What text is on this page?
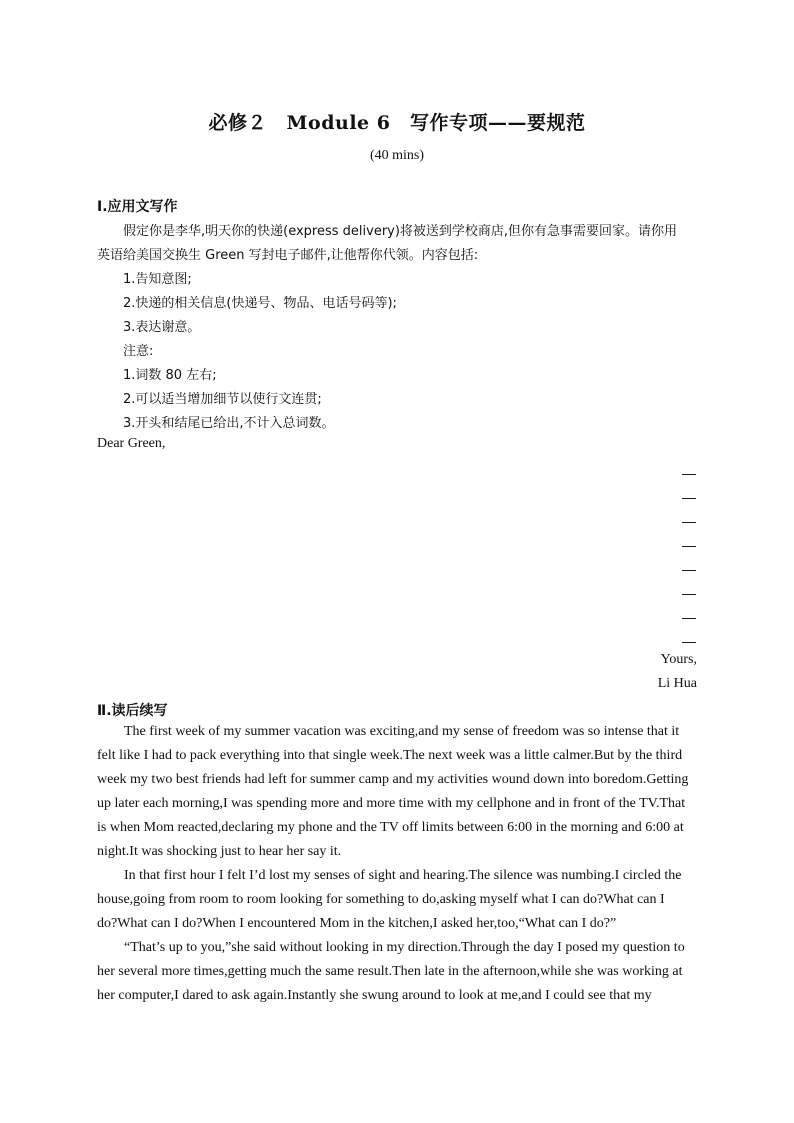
必修２　Module 6　写作专项——要规范
(40 mins)
Ⅰ.应用文写作
假定你是李华,明天你的快递(express delivery)将被送到学校商店,但你有急事需要回家。请你用
英语给美国交换生 Green 写封电子邮件,让他帮你代领。内容包括:
1.告知意图;
2.快递的相关信息(快递号、物品、电话号码等);
3.表达谢意。
注意:
1.词数 80 左右;
2.可以适当增加细节以使行文连贯;
3.开头和结尾已给出,不计入总词数。
Dear Green,
Yours,
Li Hua
Ⅱ.读后续写
The first week of my summer vacation was exciting,and my sense of freedom was so intense that it
felt like I had to pack everything into that single week.The next week was a little calmer.But by the third
week my two best friends had left for summer camp and my activities wound down into boredom.Getting
up later each morning,I was spending more and more time with my cellphone and in front of the TV.That
is when Mom reacted,declaring my phone and the TV off limits between 6:00 in the morning and 6:00 at
night.It was shocking just to hear her say it.
In that first hour I felt I’d lost my senses of sight and hearing.The silence was numbing.I circled the
house,going from room to room looking for something to do,asking myself what I can do?What can I
do?What can I do?When I encountered Mom in the kitchen,I asked her,too,“What can I do?”
“That’s up to you,”she said without looking in my direction.Through the day I posed my question to
her several more times,getting much the same result.Then late in the afternoon,while she was working at
her computer,I dared to ask again.Instantly she swung around to look at me,and I could see that my
